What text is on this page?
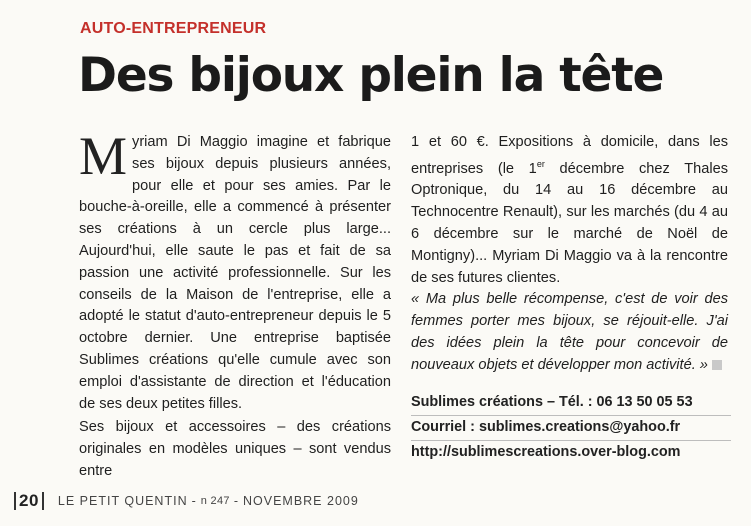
AUTO-ENTREPRENEUR
Des bijoux plein la tête

Myriam Di Maggio imagine et fabrique ses bijoux depuis plusieurs années, pour elle et pour ses amies. Par le bouche-à-oreille, elle a commencé à présenter ses créations à un cercle plus large... Aujourd'hui, elle saute le pas et fait de sa passion une activité professionnelle. Sur les conseils de la Maison de l'entreprise, elle a adopté le statut d'auto-entrepreneur depuis le 5 octobre dernier. Une entreprise baptisée Sublimes créations qu'elle cumule avec son emploi d'assistante de direction et l'éducation de ses deux petites filles.

Ses bijoux et accessoires – des créations originales en modèles uniques – sont vendus entre

1 et 60 €. Expositions à domicile, dans les entreprises (le 1er décembre chez Thales Optronique, du 14 au 16 décembre au Technocentre Renault), sur les marchés (du 4 au 6 décembre sur le marché de Noël de Montigny)... Myriam Di Maggio va à la rencontre de ses futures clientes.

« Ma plus belle récompense, c'est de voir des femmes porter mes bijoux, se réjouit-elle. J'ai des idées plein la tête pour concevoir de nouveaux objets et développer mon activité. »

Sublimes créations – Tél. : 06 13 50 05 53
Courriel : sublimes.creations@yahoo.fr
http://sublimescreations.over-blog.com
20	LE PETIT QUENTIN - n 247 - NOVEMBRE 2009
